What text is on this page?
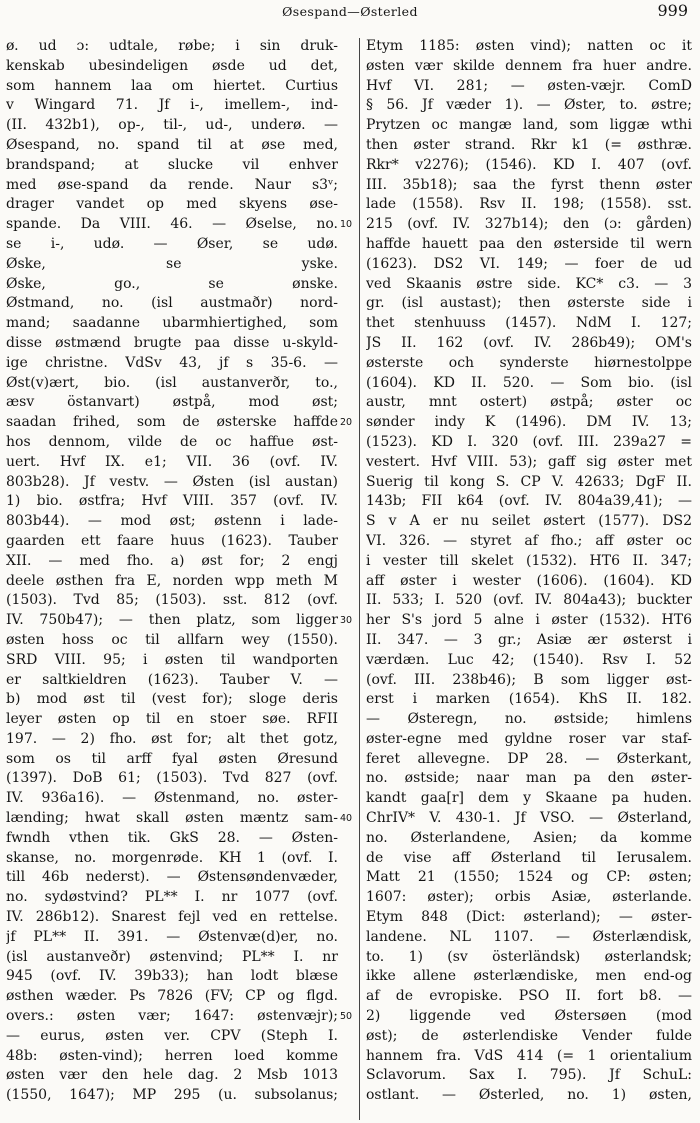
Øsespand—Østerled	999
ø. ud ɔ: udtale, røbe; i sin druk-
kenskab ubesindeligen øsde ud det,
som hannem laa om hiertet. Curtius
v Wingard 71. Jf i-, imellem-, ind-
(II. 432b1), op-, til-, ud-, underø. —
Øsespand, no. spand til at øse med,
brandspand; at slucke vil enhver
med øse-spand da rende. Naur s3ᵛ;
drager vandet op med skyens øse-
spande. Da VIII. 46. — Øselse, no.
se i-, udø. — Øser, se udø.
Øske, se yske.
Øske, go., se ønske.
Østmand, no. (isl austmaðr) nord-
mand; saadanne ubarmhiertighed, som
disse østmænd brugte paa disse u-skyld-
ige christne. VdSv 43, jf s 35-6. —
Øst(v)ært, bio. (isl austanverðr, to.,
æsv östanvart) østpå, mod øst;
saadan frihed, som de østerske haffde
hos dennom, vilde de oc haffue øst-
uert. Hvf IX. e1; VII. 36 (ovf. IV.
803b28). Jf vestv. — Østen (isl austan)
1) bio. østfra; Hvf VIII. 357 (ovf. IV.
803b44). — mod øst; østenn i lade-
gaarden ett faare huus (1623). Tauber
XII. — med fho. a) øst for; 2 engj
deele østhen fra E, norden wpp meth M
(1503). Tvd 85; (1503). sst. 812 (ovf.
IV. 750b47); — then platz, som ligger
østen hoss oc til allfarn wey (1550).
SRD VIII. 95; i østen til wandporten
er saltkieldren (1623). Tauber V. —
b) mod øst til (vest for); sloge deris
leyer østen op til en stoer søe. RFII
197. — 2) fho. øst for; alt thet gotz,
som os til arff fyal østen Øresund
(1397). DoB 61; (1503). Tvd 827 (ovf.
IV. 936a16). — Østenmand, no. øster-
lænding; hwat skall østen mæntz sam-
fwndh vthen tik. GkS 28. — Østen-
skanse, no. morgenrøde. KH 1 (ovf. I.
till 46b nederst). — Østensøndenvæder,
no. sydøstvind? PL** I. nr 1077 (ovf.
IV. 286b12). Snarest fejl ved en rettelse.
jf PL** II. 391. — Østenvæ(d)er, no.
(isl austanveðr) østenvind; PL** I. nr
945 (ovf. IV. 39b33); han lodt blæse
østhen wæder. Ps 7826 (FV; CP og flgd.
overs.: østen vær; 1647: østenvæjr);
— eurus, østen ver. CPV (Steph I.
48b: østen-vind); herren loed komme
østen vær den hele dag. 2 Msb 1013
(1550, 1647); MP 295 (u. subsolanus;
10
20
30
40
50
Etym 1185: østen vind); natten oc it
østen vær skilde dennem fra huer andre.
Hvf VI. 281; — østen-væjr. ComD
§ 56. Jf væder 1). — Øster, to. østre;
Prytzen oc mangæ land, som liggæ wthi
then øster strand. Rkr k1 (= østhræ.
Rkr* v2276); (1546). KD I. 407 (ovf.
III. 35b18); saa the fyrst thenn øster
lade (1558). Rsv II. 198; (1558). sst.
215 (ovf. IV. 327b14); den (ɔ: gården)
haffde hauett paa den østerside til wern
(1623). DS2 VI. 149; — foer de ud
ved Skaanis østre side. KC* c3. — 3
gr. (isl austast); then østerste side i
thet stenhuuss (1457). NdM I. 127;
JS II. 162 (ovf. IV. 286b49); OM's
østerste och synderste hiørnestolppe
(1604). KD II. 520. — Som bio. (isl
austr, mnt ostert) østpå; øster oc
sønder indy K (1496). DM IV. 13;
(1523). KD I. 320 (ovf. III. 239a27 =
vestert. Hvf VIII. 53); gaff sig øster met
Suerig til kong S. CP V. 42633; DgF II.
143b; FII k64 (ovf. IV. 804a39,41); —
S v A er nu seilet østert (1577). DS2
VI. 326. — styret af fho.; aff øster oc
i vester till skelet (1532). HT6 II. 347;
aff øster i wester (1606). (1604). KD
II. 533; I. 520 (ovf. IV. 804a43); buckter
her S's jord 5 alne i øster (1532). HT6
II. 347. — 3 gr.; Asiæ ær østerst i
værdæn. Luc 42; (1540). Rsv I. 52
(ovf. III. 238b46); B som ligger øst-
erst i marken (1654). KhS II. 182.
— Østeregn, no. østside; himlens
øster-egne med gyldne roser var staf-
feret allevegne. DP 28. — Østerkant,
no. østside; naar man pa den øster-
kandt gaa[r] dem y Skaane pa huden.
ChrIV* V. 430-1. Jf VSO. — Østerland,
no. Østerlandene, Asien; da komme
de vise aff Østerland til Ierusalem.
Matt 21 (1550; 1524 og CP: østen;
1607: øster); orbis Asiæ, østerlande.
Etym 848 (Dict: østerland); — øster-
landene. NL 1107. — Østerlændisk,
to. 1) (sv österländsk) østerlandsk;
ikke allene østerlændiske, men end-og
af de evropiske. PSO II. fort b8. —
2) liggende ved Østersøen (mod
øst); de østerlendiske Vender fulde
hannem fra. VdS 414 (= 1 orientalium
Sclavorum. Sax I. 795). Jf SchuL:
ostlant. — Østerled, no. 1) østen,
